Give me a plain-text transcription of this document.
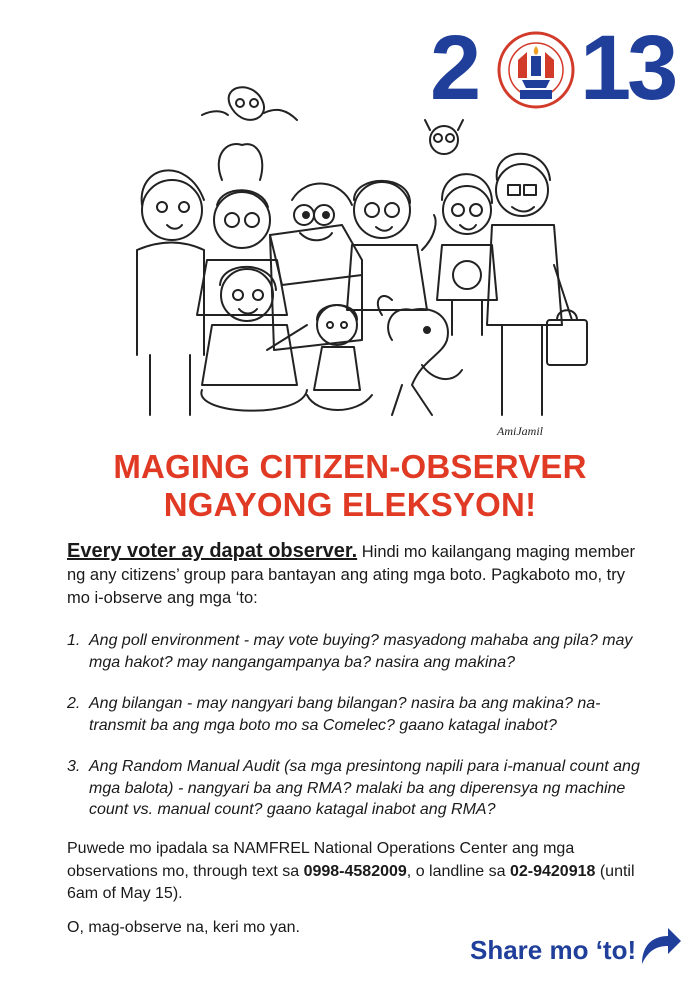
2 13
AmiJamil
MAGING CITIZEN-OBSERVER
NGAYONG ELEKSYON!
Every voter ay dapat observer. Hindi mo kailangang maging member ng any citizens’ group para bantayan ang ating mga boto. Pagkaboto mo, try mo i-observe ang mga ‘to:
1. Ang poll environment - may vote buying? masyadong mahaba ang pila? may mga hakot? may nangangampanya ba? nasira ang makina?
2. Ang bilangan - may nangyari bang bilangan? nasira ba ang makina? na-transmit ba ang mga boto mo sa Comelec? gaano katagal inabot?
3. Ang Random Manual Audit (sa mga presintong napili para i-manual count ang mga balota) - nangyari ba ang RMA? malaki ba ang diperensya ng machine count vs. manual count? gaano katagal inabot ang RMA?
Puwede mo ipadala sa NAMFREL National Operations Center ang mga observations mo, through text sa 0998-4582009, o landline sa 02-9420918 (until 6am of May 15).
O, mag-observe na, keri mo yan.
Share mo ‘to!
